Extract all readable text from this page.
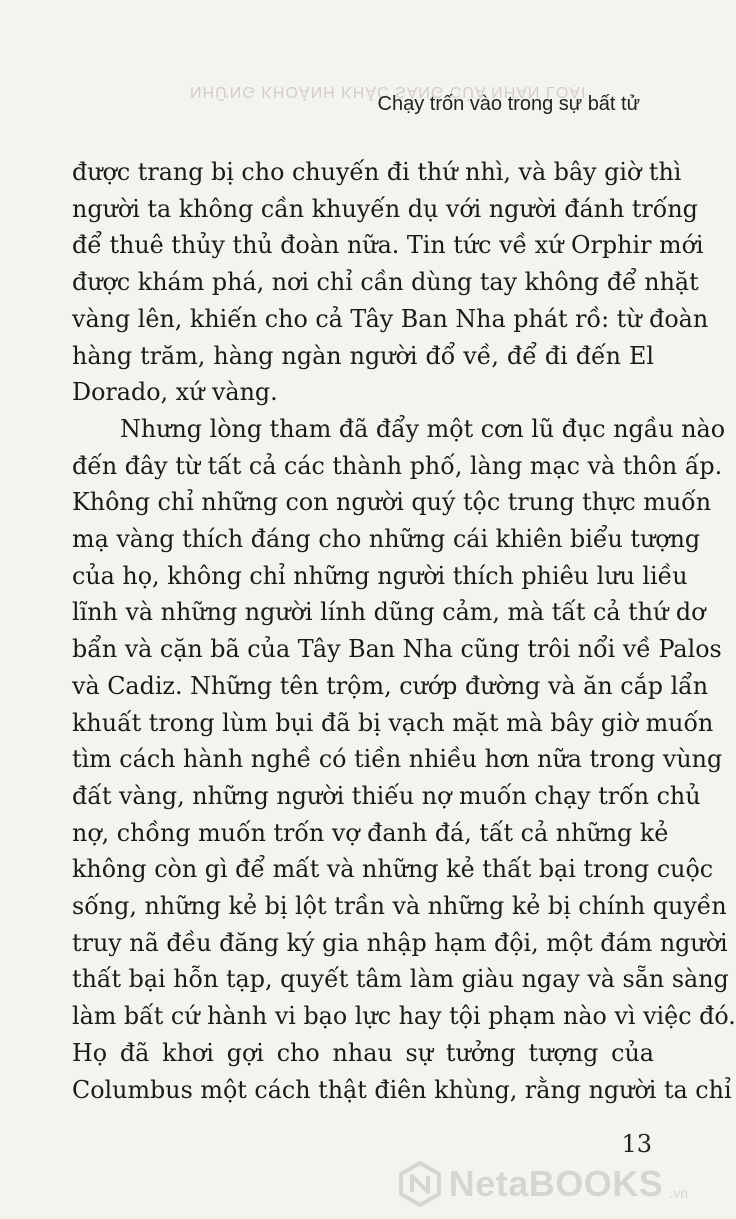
NHỮNG KHOẢNH KHẮC SÁNG CỦA NHÂN LOẠI
Chạy trốn vào trong sự bất tử
được trang bị cho chuyến đi thứ nhì, và bây giờ thì
người ta không cần khuyến dụ với người đánh trống
để thuê thủy thủ đoàn nữa. Tin tức về xứ Orphir mới
được khám phá, nơi chỉ cần dùng tay không để nhặt
vàng lên, khiến cho cả Tây Ban Nha phát rồ: từ đoàn
hàng trăm, hàng ngàn người đổ về, để đi đến El
Dorado, xứ vàng.
Nhưng lòng tham đã đẩy một cơn lũ đục ngầu nào
đến đây từ tất cả các thành phố, làng mạc và thôn ấp.
Không chỉ những con người quý tộc trung thực muốn
mạ vàng thích đáng cho những cái khiên biểu tượng
của họ, không chỉ những người thích phiêu lưu liều
lĩnh và những người lính dũng cảm, mà tất cả thứ dơ
bẩn và cặn bã của Tây Ban Nha cũng trôi nổi về Palos
và Cadiz. Những tên trộm, cướp đường và ăn cắp lẩn
khuất trong lùm bụi đã bị vạch mặt mà bây giờ muốn
tìm cách hành nghề có tiền nhiều hơn nữa trong vùng
đất vàng, những người thiếu nợ muốn chạy trốn chủ
nợ, chồng muốn trốn vợ đanh đá, tất cả những kẻ
không còn gì để mất và những kẻ thất bại trong cuộc
sống, những kẻ bị lột trần và những kẻ bị chính quyền
truy nã đều đăng ký gia nhập hạm đội, một đám người
thất bại hỗn tạp, quyết tâm làm giàu ngay và sẵn sàng
làm bất cứ hành vi bạo lực hay tội phạm nào vì việc đó.
Họ đã khơi gợi cho nhau sự tưởng tượng của
Columbus một cách thật điên khùng, rằng người ta chỉ
13
NetaBOOKS .vn
